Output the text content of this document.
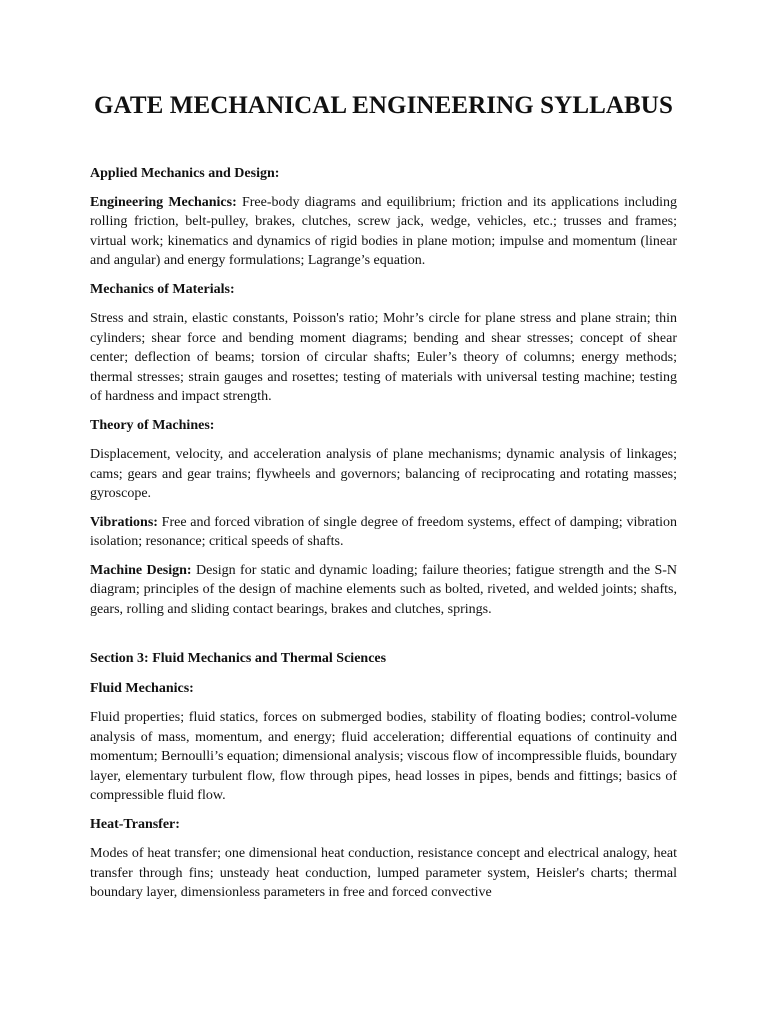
GATE MECHANICAL ENGINEERING SYLLABUS

Applied Mechanics and Design:

Engineering Mechanics: Free-body diagrams and equilibrium; friction and its applications including rolling friction, belt-pulley, brakes, clutches, screw jack, wedge, vehicles, etc.; trusses and frames; virtual work; kinematics and dynamics of rigid bodies in plane motion; impulse and momentum (linear and angular) and energy formulations; Lagrange’s equation.

Mechanics of Materials:

Stress and strain, elastic constants, Poisson's ratio; Mohr’s circle for plane stress and plane strain; thin cylinders; shear force and bending moment diagrams; bending and shear stresses; concept of shear center; deflection of beams; torsion of circular shafts; Euler’s theory of columns; energy methods; thermal stresses; strain gauges and rosettes; testing of materials with universal testing machine; testing of hardness and impact strength.

Theory of Machines:

Displacement, velocity, and acceleration analysis of plane mechanisms; dynamic analysis of linkages; cams; gears and gear trains; flywheels and governors; balancing of reciprocating and rotating masses; gyroscope.

Vibrations: Free and forced vibration of single degree of freedom systems, effect of damping; vibration isolation; resonance; critical speeds of shafts.

Machine Design: Design for static and dynamic loading; failure theories; fatigue strength and the S-N diagram; principles of the design of machine elements such as bolted, riveted, and welded joints; shafts, gears, rolling and sliding contact bearings, brakes and clutches, springs.

Section 3: Fluid Mechanics and Thermal Sciences

Fluid Mechanics:

Fluid properties; fluid statics, forces on submerged bodies, stability of floating bodies; control-volume analysis of mass, momentum, and energy; fluid acceleration; differential equations of continuity and momentum; Bernoulli’s equation; dimensional analysis; viscous flow of incompressible fluids, boundary layer, elementary turbulent flow, flow through pipes, head losses in pipes, bends and fittings; basics of compressible fluid flow.

Heat-Transfer:

Modes of heat transfer; one dimensional heat conduction, resistance concept and electrical analogy, heat transfer through fins; unsteady heat conduction, lumped parameter system, Heisler's charts; thermal boundary layer, dimensionless parameters in free and forced convective
